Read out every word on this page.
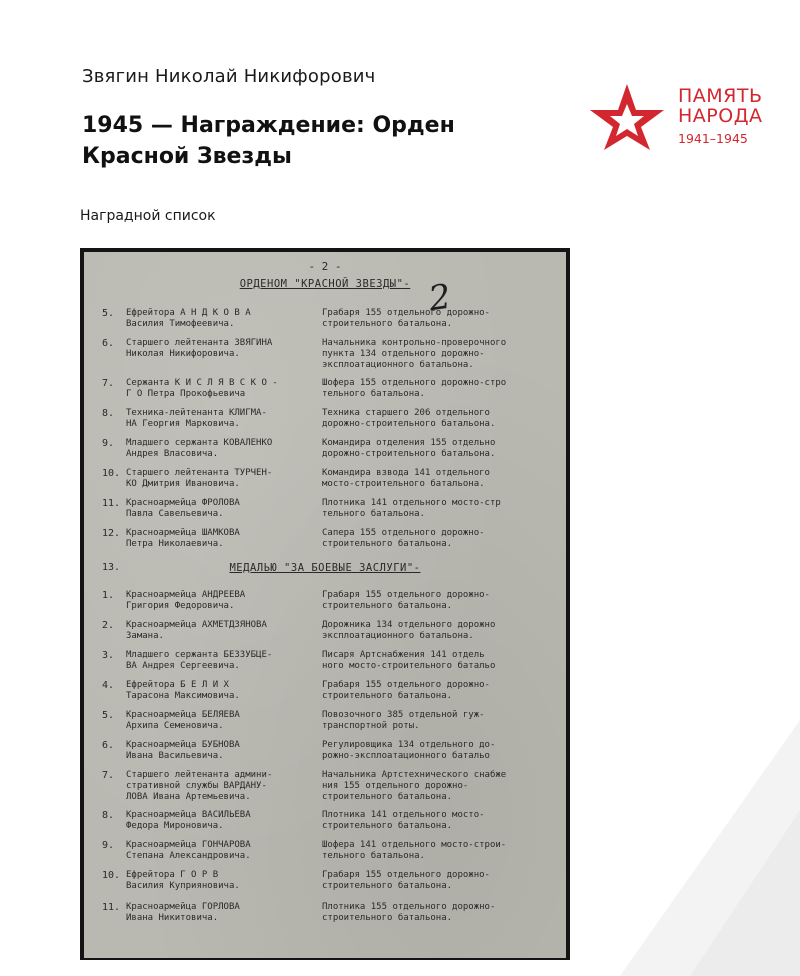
Звягин Николай Никифорович
1945 — Награждение: Орден Красной Звезды
Наградной список
ПАМЯТЬ
НАРОДА
1941–1945
- 2 -
2
ОРДЕНОМ "КРАСНОЙ ЗВЕЗДЫ"-
5. Ефрейтора А Н Д К О В А
Василия Тимофеевича.
Грабаря 155 отдельного дорожно-
строительного батальона.
6. Старшего лейтенанта ЗВЯГИНА
Николая Никифоровича.
Начальника контрольно-проверочного
пункта 134 отдельного дорожно-
эксплоатационного батальона.
7. Сержанта К И С Л Я В С К О -
Г О Петра Прокофьевича
Шофера 155 отдельного дорожно-стро
тельного батальона.
8. Техника-лейтенанта КЛИГМА-
НА Георгия Марковича.
Техника старшего 206 отдельного
дорожно-строительного батальона.
9. Младшего сержанта КОВАЛЕНКО
Андрея Власовича.
Командира отделения 155 отдельно
дорожно-строительного батальона.
10. Старшего лейтенанта ТУРЧЕН-
КО Дмитрия Ивановича.
Командира взвода 141 отдельного
мосто-строительного батальона.
11. Красноармейца ФРОЛОВА
Павла Савельевича.
Плотника 141 отдельного мосто-стр
тельного батальона.
12. Красноармейца ШАМКОВА
Петра Николаевича.
Сапера 155 отдельного дорожно-
строительного батальона.
13.	МЕДАЛЬЮ "ЗА БОЕВЫЕ ЗАСЛУГИ"-
1. Красноармейца АНДРЕЕВА
Григория Федоровича.
Грабаря 155 отдельного дорожно-
строительного батальона.
2. Красноармейца АХМЕТДЗЯНОВА
Замана.
Дорожника 134 отдельного дорожно
эксплоатационного батальона.
3. Младшего сержанта БЕЗЗУБЦЕ-
ВА Андрея Сергеевича.
Писаря Артснабжения 141 отдель
ного мосто-строительного батальо
4. Ефрейтора Б Е Л И Х
Тарасона Максимовича.
Грабаря 155 отдельного дорожно-
строительного батальона.
5. Красноармейца БЕЛЯЕВА
Архипа Семеновича.
Повозочного 385 отдельной гуж-
транспортной роты.
6. Красноармейца БУБНОВА
Ивана Васильевича.
Регулировщика 134 отдельного до-
рожно-эксплоатационного батальо
7. Старшего лейтенанта админи-
стративной службы ВАРДАНУ-
ЛОВА Ивана Артемьевича.
Начальника Артстехнического снабже
ния 155 отдельного дорожно-
строительного батальона.
8. Красноармейца ВАСИЛЬЕВА
Федора Мироновича.
Плотника 141 отдельного мосто-
строительного батальона.
9. Красноармейца ГОНЧАРОВА
Степана Александровича.
Шофера 141 отдельного мосто-строи-
тельного батальона.
10. Ефрейтора Г О Р В
Василия Куприяновича.
Грабаря 155 отдельного дорожно-
строительного батальона.
11. Красноармейца ГОРЛОВА
Ивана Никитовича.
Плотника 155 отдельного дорожно-
строительного батальона.
